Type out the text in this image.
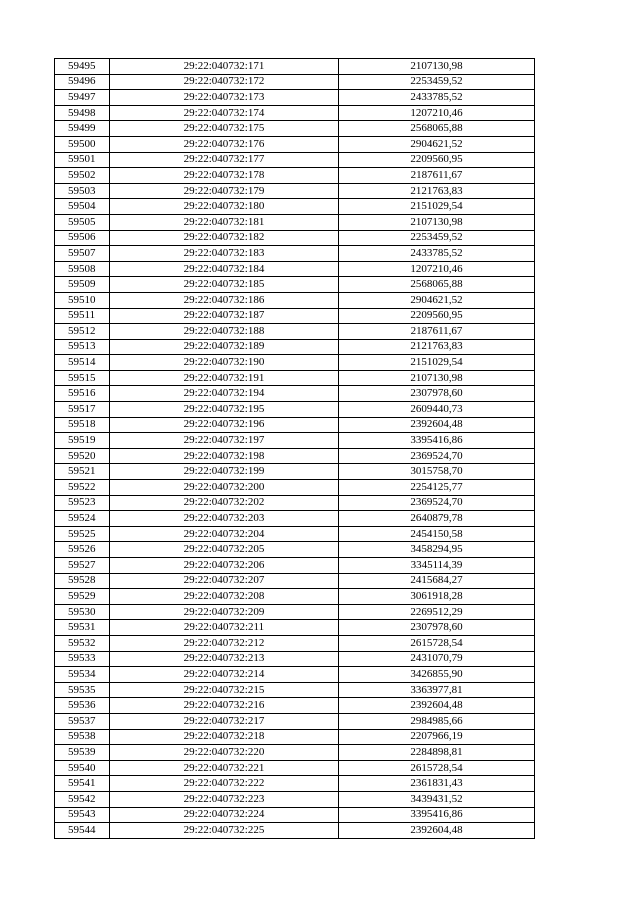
59495	29:22:040732:171	2107130,98
59496	29:22:040732:172	2253459,52
59497	29:22:040732:173	2433785,52
59498	29:22:040732:174	1207210,46
59499	29:22:040732:175	2568065,88
59500	29:22:040732:176	2904621,52
59501	29:22:040732:177	2209560,95
59502	29:22:040732:178	2187611,67
59503	29:22:040732:179	2121763,83
59504	29:22:040732:180	2151029,54
59505	29:22:040732:181	2107130,98
59506	29:22:040732:182	2253459,52
59507	29:22:040732:183	2433785,52
59508	29:22:040732:184	1207210,46
59509	29:22:040732:185	2568065,88
59510	29:22:040732:186	2904621,52
59511	29:22:040732:187	2209560,95
59512	29:22:040732:188	2187611,67
59513	29:22:040732:189	2121763,83
59514	29:22:040732:190	2151029,54
59515	29:22:040732:191	2107130,98
59516	29:22:040732:194	2307978,60
59517	29:22:040732:195	2609440,73
59518	29:22:040732:196	2392604,48
59519	29:22:040732:197	3395416,86
59520	29:22:040732:198	2369524,70
59521	29:22:040732:199	3015758,70
59522	29:22:040732:200	2254125,77
59523	29:22:040732:202	2369524,70
59524	29:22:040732:203	2640879,78
59525	29:22:040732:204	2454150,58
59526	29:22:040732:205	3458294,95
59527	29:22:040732:206	3345114,39
59528	29:22:040732:207	2415684,27
59529	29:22:040732:208	3061918,28
59530	29:22:040732:209	2269512,29
59531	29:22:040732:211	2307978,60
59532	29:22:040732:212	2615728,54
59533	29:22:040732:213	2431070,79
59534	29:22:040732:214	3426855,90
59535	29:22:040732:215	3363977,81
59536	29:22:040732:216	2392604,48
59537	29:22:040732:217	2984985,66
59538	29:22:040732:218	2207966,19
59539	29:22:040732:220	2284898,81
59540	29:22:040732:221	2615728,54
59541	29:22:040732:222	2361831,43
59542	29:22:040732:223	3439431,52
59543	29:22:040732:224	3395416,86
59544	29:22:040732:225	2392604,48
